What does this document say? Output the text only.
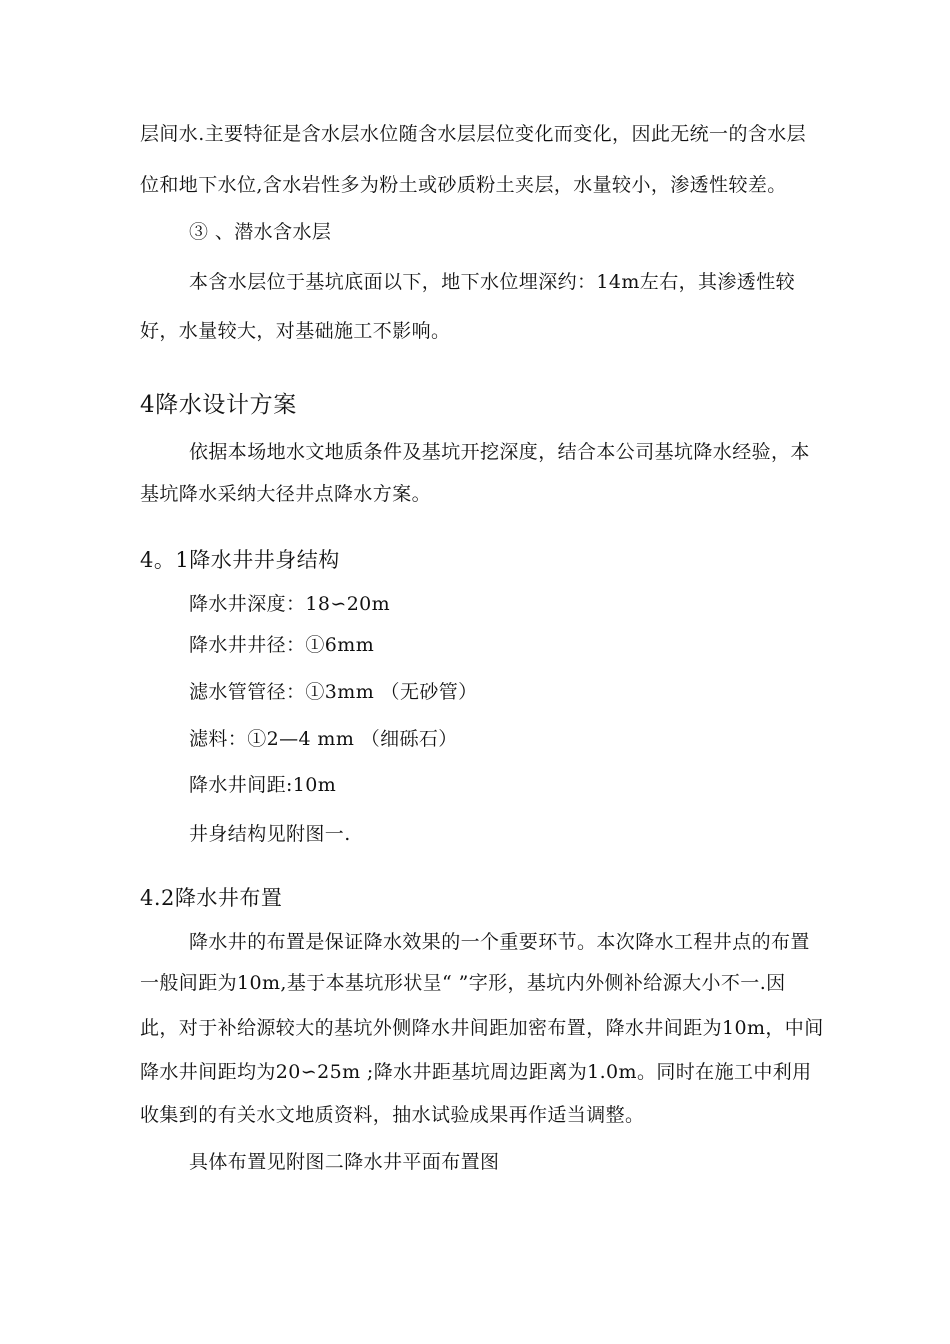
层间水.主要特征是含水层水位随含水层层位变化而变化，因此无统一的含水层
位和地下水位,含水岩性多为粉土或砂质粉土夹层，水量较小，渗透性较差。
③ 、潜水含水层
本含水层位于基坑底面以下，地下水位埋深约：14m左右，其渗透性较
好，水量较大，对基础施工不影响。
4降水设计方案
依据本场地水文地质条件及基坑开挖深度，结合本公司基坑降水经验，本
基坑降水采纳大径井点降水方案。
4。1降水井井身结构
降水井深度：18∽20m
降水井井径：①6mm
滤水管管径：①3mm （无砂管）
滤料：①2—4 mm （细砾石）
降水井间距:10m
井身结构见附图一.
4.2降水井布置
降水井的布置是保证降水效果的一个重要环节。本次降水工程井点的布置
一般间距为10m,基于本基坑形状呈“ ”字形，基坑内外侧补给源大小不一.因
此，对于补给源较大的基坑外侧降水井间距加密布置，降水井间距为10m，中间
降水井间距均为20∽25m ;降水井距基坑周边距离为1.0m。同时在施工中利用
收集到的有关水文地质资料，抽水试验成果再作适当调整。
具体布置见附图二降水井平面布置图
